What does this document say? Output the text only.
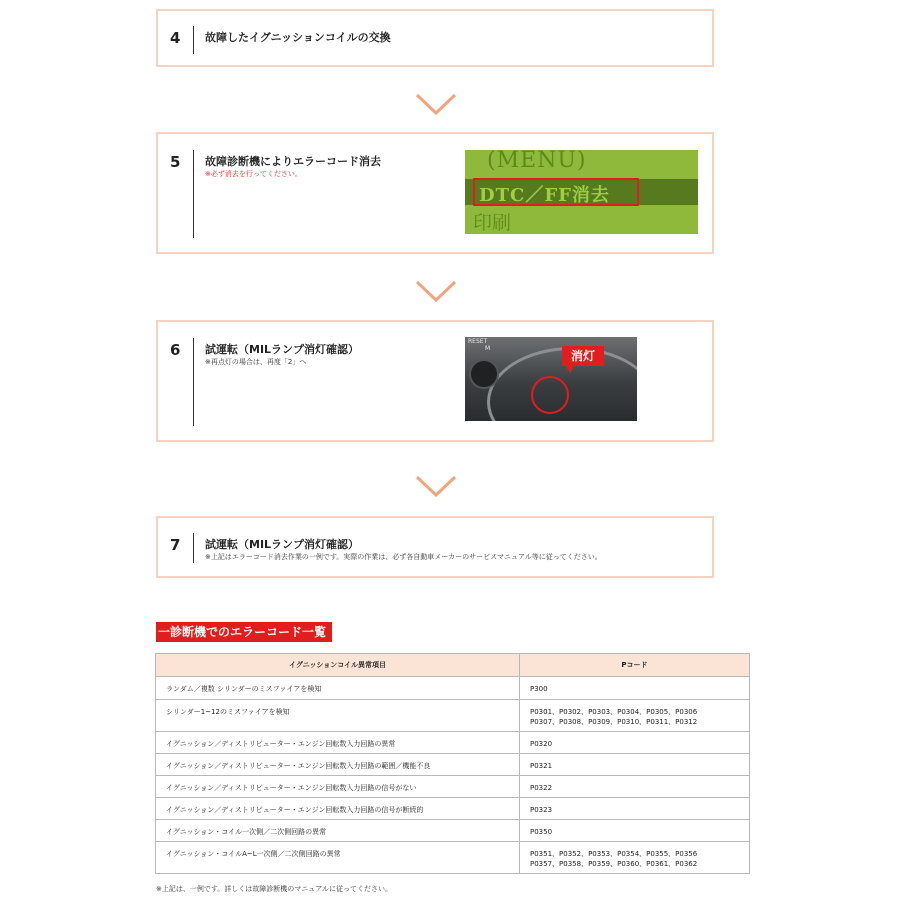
4 故障したイグニッションコイルの交換
5 故障診断機によりエラーコード消去
※必ず消去を行ってください。
(MENU)
DTC／FF消去
印刷
6 試運転（MILランプ消灯確認）
※再点灯の場合は、再度「2」へ
RESET
M
消灯
7 試運転（MILランプ消灯確認）
※上記はエラーコード消去作業の一例です。実際の作業は、必ず各自動車メーカーのサービスマニュアル等に従ってください。
一診断機でのエラーコード一覧
イグニッションコイル異常項目	Pコード
ランダム／複数 シリンダーのミスファイアを検知	P300

シリンダー1~12のミスファイアを検知	P0301、P0302、P0303、P0304、P0305、P0306
P0307、P0308、P0309、P0310、P0311、P0312

イグニッション／ディストリビューター・エンジン回転数入力回路の異常	P0320

イグニッション／ディストリビューター・エンジン回転数入力回路の範囲／機能不良	P0321

イグニッション／ディストリビューター・エンジン回転数入力回路の信号がない	P0322

イグニッション／ディストリビューター・エンジン回転数入力回路の信号が断続的	P0323

イグニッション・コイル一次側／二次側回路の異常	P0350

イグニッション・コイルA~L一次側／二次側回路の異常	P0351、P0352、P0353、P0354、P0355、P0356
P0357、P0358、P0359、P0360、P0361、P0362
※上記は、一例です。詳しくは故障診断機のマニュアルに従ってください。
